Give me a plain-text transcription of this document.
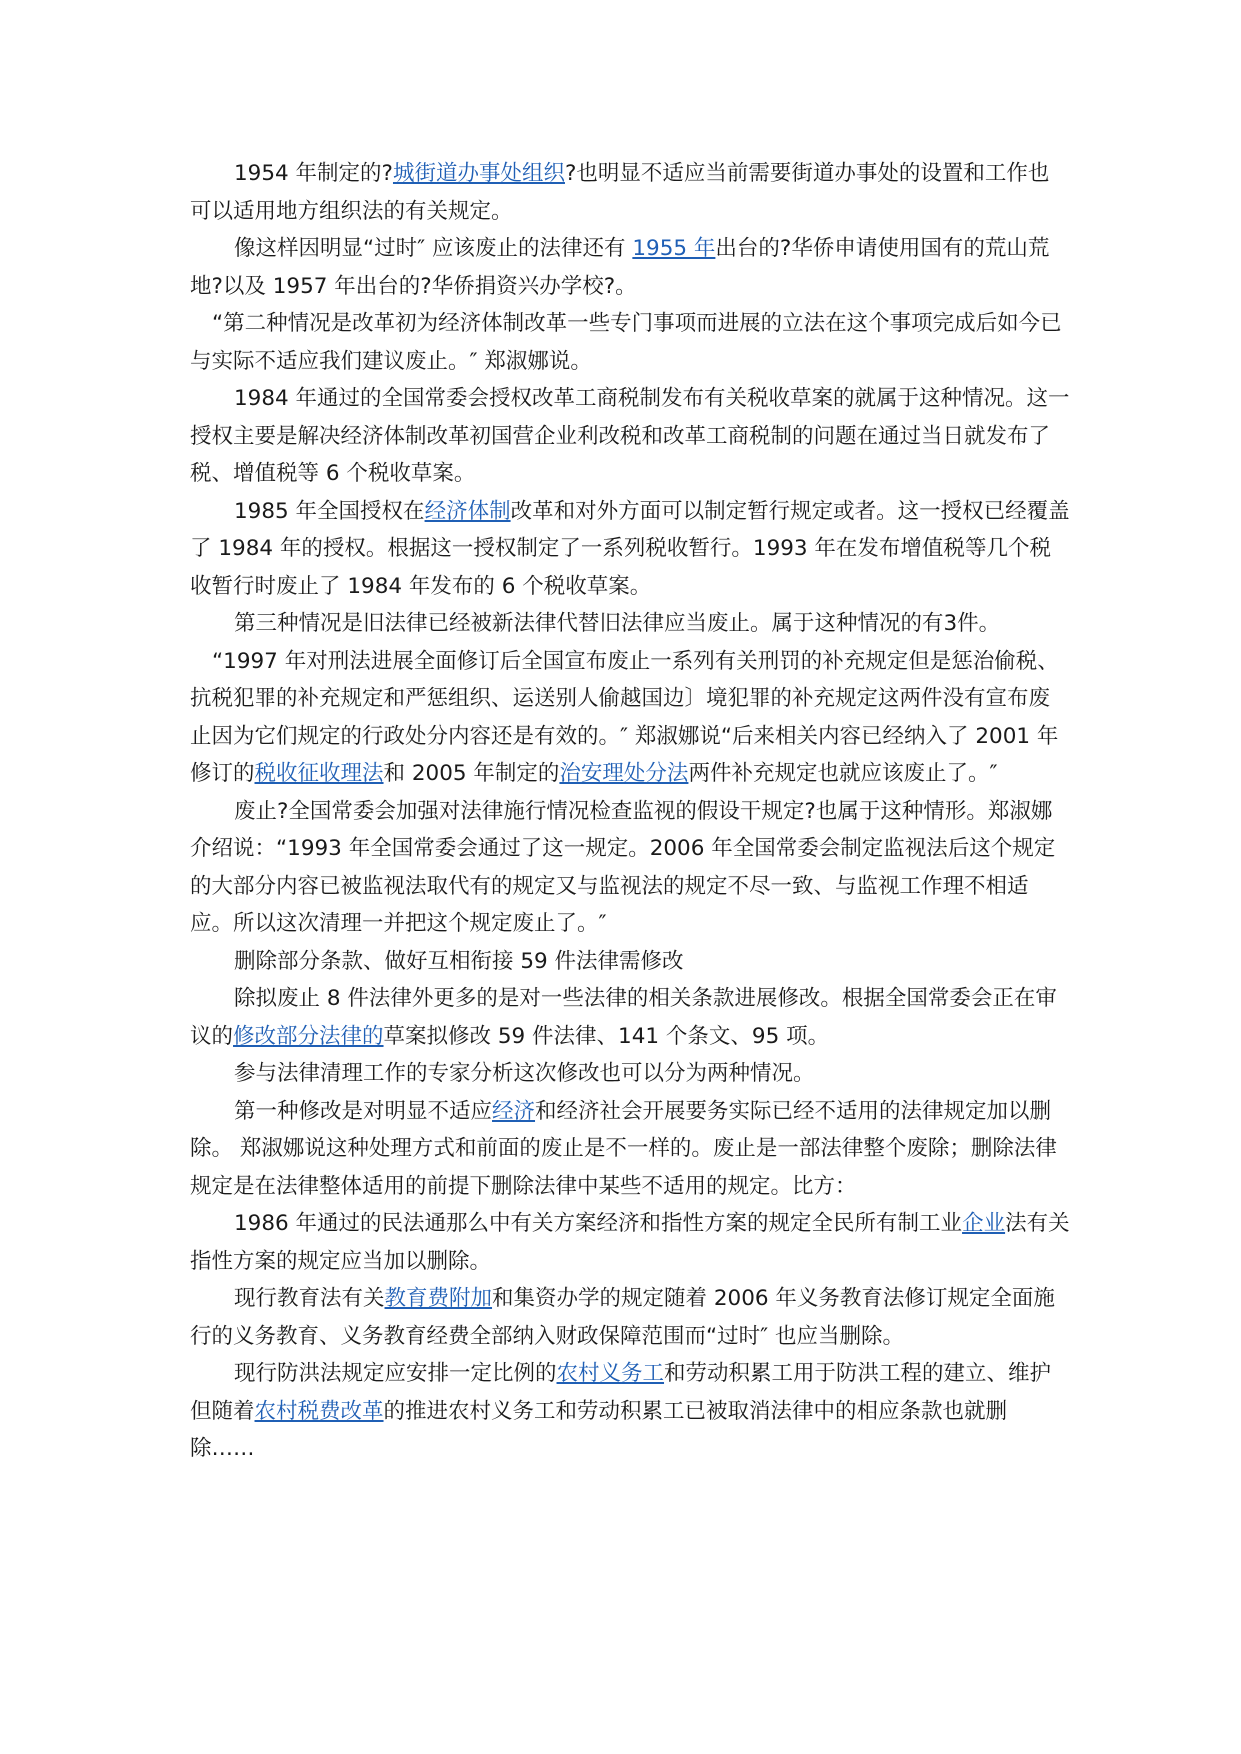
1954 年制定的?城街道办事处组织?也明显不适应当前需要街道办事处的设置和工作也可以适用地方组织法的有关规定。

像这样因明显“过时″ 应该废止的法律还有 1955 年出台的?华侨申请使用国有的荒山荒地?以及 1957 年出台的?华侨捐资兴办学校?。

“第二种情况是改革初为经济体制改革一些专门事项而进展的立法在这个事项完成后如今已与实际不适应我们建议废止。″ 郑淑娜说。

1984 年通过的全国常委会授权改革工商税制发布有关税收草案的就属于这种情况。这一授权主要是解决经济体制改革初国营企业利改税和改革工商税制的问题在通过当日就发布了税、增值税等 6 个税收草案。

1985 年全国授权在经济体制改革和对外方面可以制定暂行规定或者。这一授权已经覆盖了 1984 年的授权。根据这一授权制定了一系列税收暂行。1993 年在发布增值税等几个税收暂行时废止了 1984 年发布的 6 个税收草案。

第三种情况是旧法律已经被新法律代替旧法律应当废止。属于这种情况的有3件。

“1997 年对刑法进展全面修订后全国宣布废止一系列有关刑罚的补充规定但是惩治偷税、抗税犯罪的补充规定和严惩组织、运送别人偷越国边〕境犯罪的补充规定这两件没有宣布废止因为它们规定的行政处分内容还是有效的。″ 郑淑娜说“后来相关内容已经纳入了 2001 年修订的税收征收理法和 2005 年制定的治安理处分法两件补充规定也就应该废止了。″

废止?全国常委会加强对法律施行情况检查监视的假设干规定?也属于这种情形。郑淑娜介绍说：“1993 年全国常委会通过了这一规定。2006 年全国常委会制定监视法后这个规定的大部分内容已被监视法取代有的规定又与监视法的规定不尽一致、与监视工作理不相适应。所以这次清理一并把这个规定废止了。″

删除部分条款、做好互相衔接 59 件法律需修改

除拟废止 8 件法律外更多的是对一些法律的相关条款进展修改。根据全国常委会正在审议的修改部分法律的草案拟修改 59 件法律、141 个条文、95 项。

参与法律清理工作的专家分析这次修改也可以分为两种情况。

第一种修改是对明显不适应经济和经济社会开展要务实际已经不适用的法律规定加以删除。 郑淑娜说这种处理方式和前面的废止是不一样的。废止是一部法律整个废除；删除法律规定是在法律整体适用的前提下删除法律中某些不适用的规定。比方：

1986 年通过的民法通那么中有关方案经济和指性方案的规定全民所有制工业企业法有关指性方案的规定应当加以删除。

现行教育法有关教育费附加和集资办学的规定随着 2006 年义务教育法修订规定全面施行的义务教育、义务教育经费全部纳入财政保障范围而“过时″ 也应当删除。

现行防洪法规定应安排一定比例的农村义务工和劳动积累工用于防洪工程的建立、维护但随着农村税费改革的推进农村义务工和劳动积累工已被取消法律中的相应条款也就删除……
